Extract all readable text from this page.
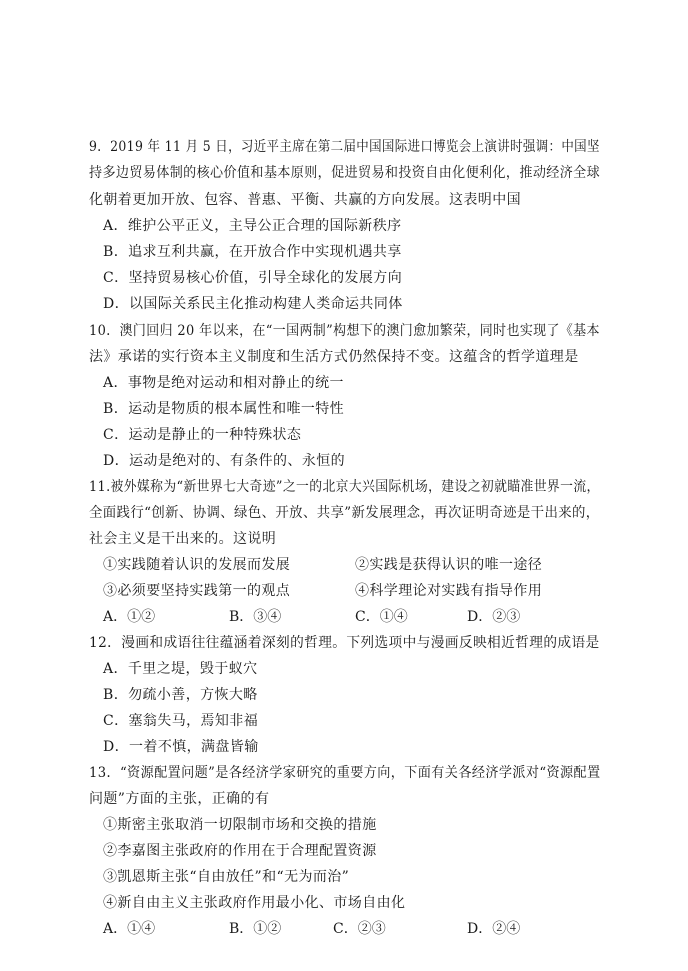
9．2019 年 11 月 5 日，习近平主席在第二届中国国际进口博览会上演讲时强调：中国坚
持多边贸易体制的核心价值和基本原则，促进贸易和投资自由化便利化，推动经济全球
化朝着更加开放、包容、普惠、平衡、共赢的方向发展。这表明中国
A．维护公平正义，主导公正合理的国际新秩序
B．追求互利共赢，在开放合作中实现机遇共享
C．坚持贸易核心价值，引导全球化的发展方向
D．以国际关系民主化推动构建人类命运共同体
10．澳门回归 20 年以来，在“一国两制”构想下的澳门愈加繁荣，同时也实现了《基本
法》承诺的实行资本主义制度和生活方式仍然保持不变。这蕴含的哲学道理是
A．事物是绝对运动和相对静止的统一
B．运动是物质的根本属性和唯一特性
C．运动是静止的一种特殊状态
D．运动是绝对的、有条件的、永恒的
11.被外媒称为“新世界七大奇迹”之一的北京大兴国际机场，建设之初就瞄准世界一流，
全面践行“创新、协调、绿色、开放、共享”新发展理念，再次证明奇迹是干出来的，
社会主义是干出来的。这说明
①实践随着认识的发展而发展	②实践是获得认识的唯一途径
③必须要坚持实践第一的观点	④科学理论对实践有指导作用
A．①②	B．③④	C．①④	D．②③
12．漫画和成语往往蕴涵着深刻的哲理。下列选项中与漫画反映相近哲理的成语是
A．千里之堤，毁于蚁穴
B．勿疏小善，方恢大略
C．塞翁失马，焉知非福
D．一着不慎，满盘皆输
13．“资源配置问题”是各经济学家研究的重要方向，下面有关各经济学派对“资源配置
问题”方面的主张，正确的有
①斯密主张取消一切限制市场和交换的措施
②李嘉图主张政府的作用在于合理配置资源
③凯恩斯主张“自由放任”和“无为而治”
④新自由主义主张政府作用最小化、市场自由化
A．①④	B．①②	C．②③	D．②④
